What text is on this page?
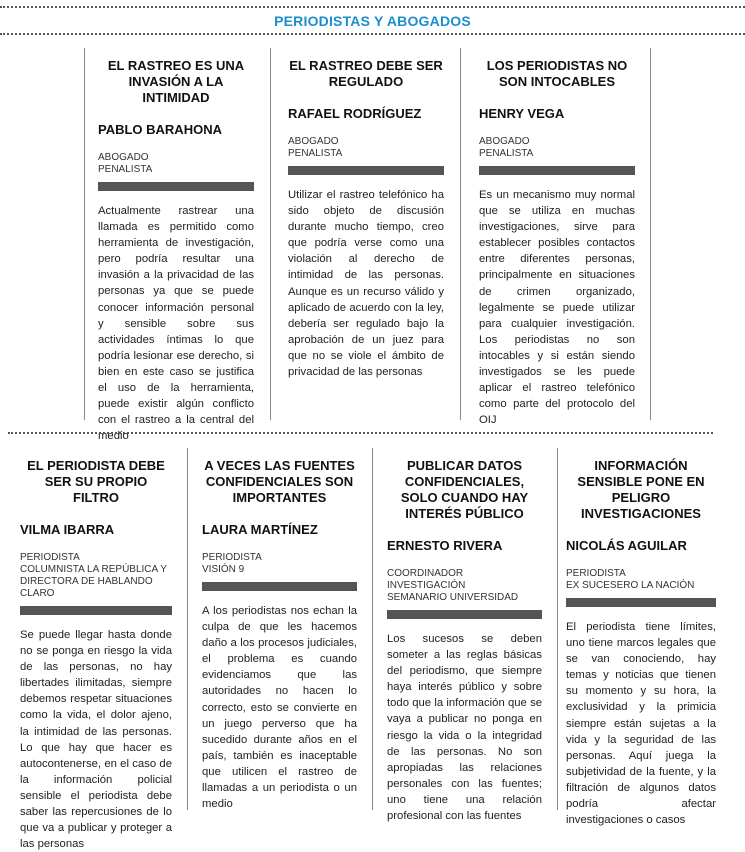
PERIODISTAS Y ABOGADOS
EL RASTREO ES UNA INVASIÓN A LA INTIMIDAD
PABLO BARAHONA
ABOGADO
PENALISTA
Actualmente rastrear una llamada es permitido como herramienta de investigación, pero podría resultar una invasión a la privacidad de las personas ya que se puede conocer información personal y sensible sobre sus actividades íntimas lo que podría lesionar ese derecho, si bien en este caso se justifica el uso de la herramienta, puede existir algún conflicto con el rastreo a la central del medio
EL RASTREO DEBE SER REGULADO
RAFAEL RODRÍGUEZ
ABOGADO
PENALISTA
Utilizar el rastreo telefónico ha sido objeto de discusión durante mucho tiempo, creo que podría verse como una violación al derecho de intimidad de las personas. Aunque es un recurso válido y aplicado de acuerdo con la ley, debería ser regulado bajo la aprobación de un juez para que no se viole el ámbito de privacidad de las personas
LOS PERIODISTAS NO SON INTOCABLES
HENRY VEGA
ABOGADO
PENALISTA
Es un mecanismo muy normal que se utiliza en muchas investigaciones, sirve para establecer posibles contactos entre diferentes personas, principalmente en situaciones de crimen organizado, legalmente se puede utilizar para cualquier investigación. Los periodistas no son intocables y si están siendo investigados se les puede aplicar el rastreo telefónico como parte del protocolo del OIJ
EL PERIODISTA DEBE SER SU PROPIO FILTRO
VILMA IBARRA
PERIODISTA
COLUMNISTA LA REPÚBLICA Y DIRECTORA DE HABLANDO CLARO
Se puede llegar hasta donde no se ponga en riesgo la vida de las personas, no hay libertades ilimitadas, siempre debemos respetar situaciones como la vida, el dolor ajeno, la intimidad de las personas. Lo que hay que hacer es autocontenerse, en el caso de la información policial sensible el periodista debe saber las repercusiones de lo que va a publicar y proteger a las personas
A VECES LAS FUENTES CONFIDENCIALES SON IMPORTANTES
LAURA MARTÍNEZ
PERIODISTA
VISIÓN 9
A los periodistas nos echan la culpa de que les hacemos daño a los procesos judiciales, el problema es cuando evidenciamos que las autoridades no hacen lo correcto, esto se convierte en un juego perverso que ha sucedido durante años en el país, también es inaceptable que utilicen el rastreo de llamadas a un periodista o un medio
PUBLICAR DATOS CONFIDENCIALES, SOLO CUANDO HAY INTERÉS PÚBLICO
ERNESTO RIVERA
COORDINADOR INVESTIGACIÓN
SEMANARIO UNIVERSIDAD
Los sucesos se deben someter a las reglas básicas del periodismo, que siempre haya interés público y sobre todo que la información que se vaya a publicar no ponga en riesgo la vida o la integridad de las personas. No son apropiadas las relaciones personales con las fuentes; uno tiene una relación profesional con las fuentes
INFORMACIÓN SENSIBLE PONE EN PELIGRO INVESTIGACIONES
NICOLÁS AGUILAR
PERIODISTA
EX SUCESERO LA NACIÓN
El periodista tiene límites, uno tiene marcos legales que se van conociendo, hay temas y noticias que tienen su momento y su hora, la exclusividad y la primicia siempre están sujetas a la vida y la seguridad de las personas. Aquí juega la subjetividad de la fuente, y la filtración de algunos datos podría afectar investigaciones o casos
